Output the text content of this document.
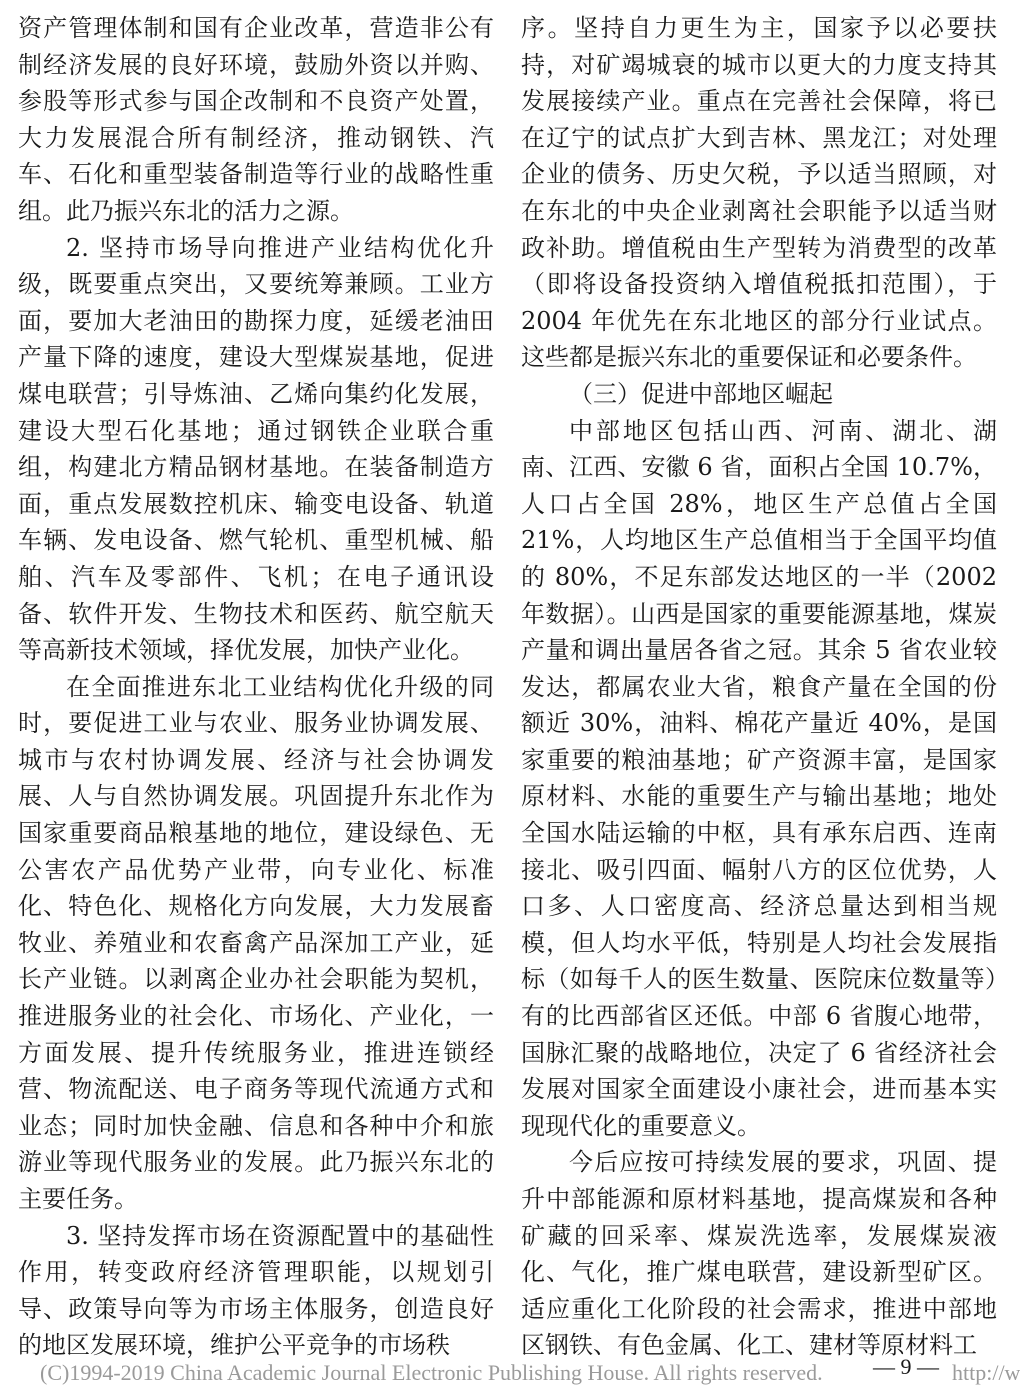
资产管理体制和国有企业改革，营造非公有制经济发展的良好环境，鼓励外资以并购、参股等形式参与国企改制和不良资产处置，大力发展混合所有制经济，推动钢铁、汽车、石化和重型装备制造等行业的战略性重组。此乃振兴东北的活力之源。

2. 坚持市场导向推进产业结构优化升级，既要重点突出，又要统筹兼顾。工业方面，要加大老油田的勘探力度，延缓老油田产量下降的速度，建设大型煤炭基地，促进煤电联营；引导炼油、乙烯向集约化发展，建设大型石化基地；通过钢铁企业联合重组，构建北方精品钢材基地。在装备制造方面，重点发展数控机床、输变电设备、轨道车辆、发电设备、燃气轮机、重型机械、船舶、汽车及零部件、飞机；在电子通讯设备、软件开发、生物技术和医药、航空航天等高新技术领域，择优发展，加快产业化。

在全面推进东北工业结构优化升级的同时，要促进工业与农业、服务业协调发展、城市与农村协调发展、经济与社会协调发展、人与自然协调发展。巩固提升东北作为国家重要商品粮基地的地位，建设绿色、无公害农产品优势产业带，向专业化、标准化、特色化、规格化方向发展，大力发展畜牧业、养殖业和农畜禽产品深加工产业，延长产业链。以剥离企业办社会职能为契机，推进服务业的社会化、市场化、产业化，一方面发展、提升传统服务业，推进连锁经营、物流配送、电子商务等现代流通方式和业态；同时加快金融、信息和各种中介和旅游业等现代服务业的发展。此乃振兴东北的主要任务。

3. 坚持发挥市场在资源配置中的基础性作用，转变政府经济管理职能，以规划引导、政策导向等为市场主体服务，创造良好的地区发展环境，维护公平竞争的市场秩

序。坚持自力更生为主，国家予以必要扶持，对矿竭城衰的城市以更大的力度支持其发展接续产业。重点在完善社会保障，将已在辽宁的试点扩大到吉林、黑龙江；对处理企业的债务、历史欠税，予以适当照顾，对在东北的中央企业剥离社会职能予以适当财政补助。增值税由生产型转为消费型的改革（即将设备投资纳入增值税抵扣范围），于2004 年优先在东北地区的部分行业试点。这些都是振兴东北的重要保证和必要条件。

（三）促进中部地区崛起

中部地区包括山西、河南、湖北、湖南、江西、安徽 6 省，面积占全国 10.7%，人口占全国 28%，地区生产总值占全国21%，人均地区生产总值相当于全国平均值的 80%，不足东部发达地区的一半（2002年数据）。山西是国家的重要能源基地，煤炭产量和调出量居各省之冠。其余 5 省农业较发达，都属农业大省，粮食产量在全国的份额近 30%，油料、棉花产量近 40%，是国家重要的粮油基地；矿产资源丰富，是国家原材料、水能的重要生产与输出基地；地处全国水陆运输的中枢，具有承东启西、连南接北、吸引四面、幅射八方的区位优势，人口多、人口密度高、经济总量达到相当规模，但人均水平低，特别是人均社会发展指标（如每千人的医生数量、医院床位数量等）有的比西部省区还低。中部 6 省腹心地带，国脉汇聚的战略地位，决定了 6 省经济社会发展对国家全面建设小康社会，进而基本实现现代化的重要意义。

今后应按可持续发展的要求，巩固、提升中部能源和原材料基地，提高煤炭和各种矿藏的回采率、煤炭洗选率，发展煤炭液化、气化，推广煤电联营，建设新型矿区。适应重化工化阶段的社会需求，推进中部地区钢铁、有色金属、化工、建材等原材料工

(C)1994-2019 China Academic Journal Electronic Publishing House. All rights reserved. — 9 — http://w
